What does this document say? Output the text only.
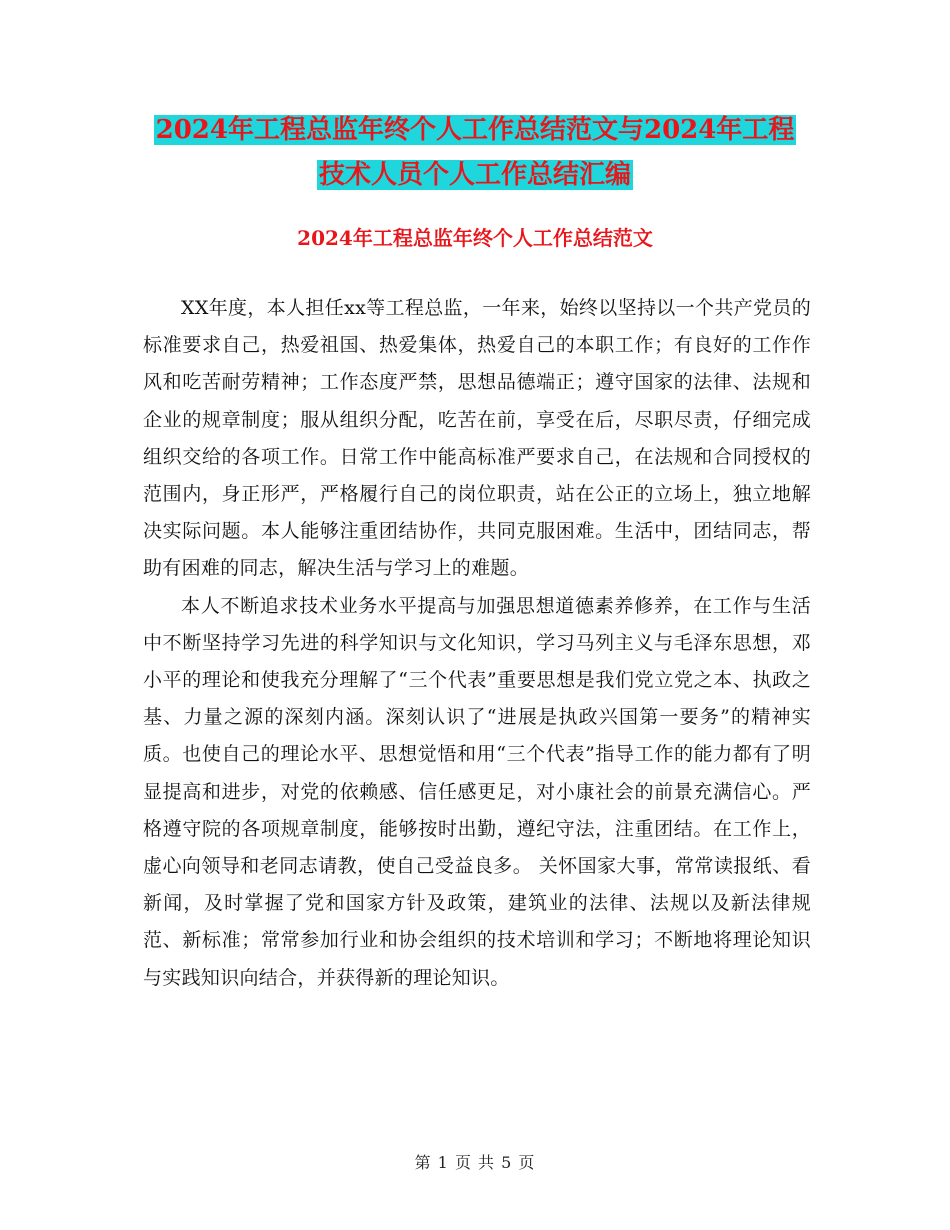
2024年工程总监年终个人工作总结范文与2024年工程
技术人员个人工作总结汇编
2024年工程总监年终个人工作总结范文

XX年度，本人担任xx等工程总监，一年来，始终以坚持以一个共产党员的标准要求自己，热爱祖国、热爱集体，热爱自己的本职工作；有良好的工作作风和吃苦耐劳精神；工作态度严禁，思想品德端正；遵守国家的法律、法规和企业的规章制度；服从组织分配，吃苦在前，享受在后，尽职尽责，仔细完成组织交给的各项工作。日常工作中能高标准严要求自己，在法规和合同授权的范围内，身正形严，严格履行自己的岗位职责，站在公正的立场上，独立地解决实际问题。本人能够注重团结协作，共同克服困难。生活中，团结同志，帮助有困难的同志，解决生活与学习上的难题。

本人不断追求技术业务水平提高与加强思想道德素养修养，在工作与生活中不断坚持学习先进的科学知识与文化知识，学习马列主义与毛泽东思想，邓小平的理论和使我充分理解了“三个代表”重要思想是我们党立党之本、执政之基、力量之源的深刻内涵。深刻认识了“进展是执政兴国第一要务”的精神实质。也使自己的理论水平、思想觉悟和用“三个代表”指导工作的能力都有了明显提高和进步，对党的依赖感、信任感更足，对小康社会的前景充满信心。严格遵守院的各项规章制度，能够按时出勤，遵纪守法，注重团结。在工作上，虚心向领导和老同志请教，使自己受益良多。 关怀国家大事，常常读报纸、看新闻，及时掌握了党和国家方针及政策，建筑业的法律、法规以及新法律规范、新标准；常常参加行业和协会组织的技术培训和学习；不断地将理论知识与实践知识向结合，并获得新的理论知识。

第 1 页 共 5 页
